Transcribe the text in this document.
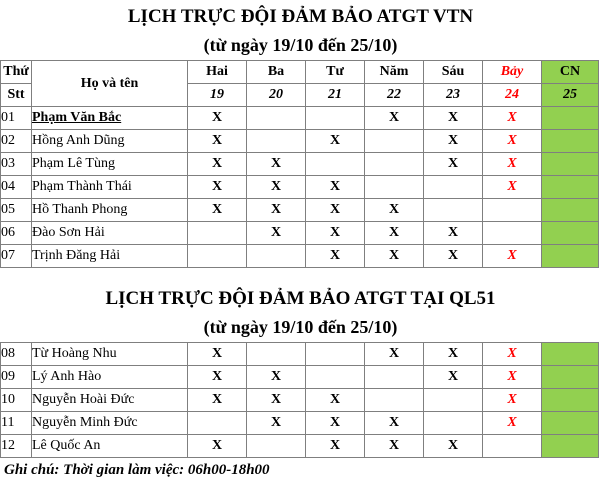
LỊCH TRỰC ĐỘI ĐẢM BẢO ATGT VTN
(từ ngày 19/10 đến 25/10)
Thứ	Họ và tên	Hai	Ba	Tư	Năm	Sáu	Bảy	CN
Stt		19	20	21	22	23	24	25
01	Phạm Văn Bắc	X			X	X	X	
02	Hồng Anh Dũng	X		X		X	X	
03	Phạm Lê Tùng	X	X			X	X	
04	Phạm Thành Thái	X	X	X			X	
05	Hồ Thanh Phong	X	X	X	X			
06	Đào Sơn Hải		X	X	X	X		
07	Trịnh Đăng Hải			X	X	X	X	
LỊCH TRỰC ĐỘI ĐẢM BẢO ATGT TẠI QL51
(từ ngày 19/10 đến 25/10)
08	Từ Hoàng Nhu	X			X	X	X	
09	Lý Anh Hào	X	X			X	X	
10	Nguyễn Hoài Đức	X	X	X			X	
11	Nguyễn Minh Đức		X	X	X		X	
12	Lê Quốc An	X		X	X	X		
Ghi chú: Thời gian làm việc: 06h00-18h00
